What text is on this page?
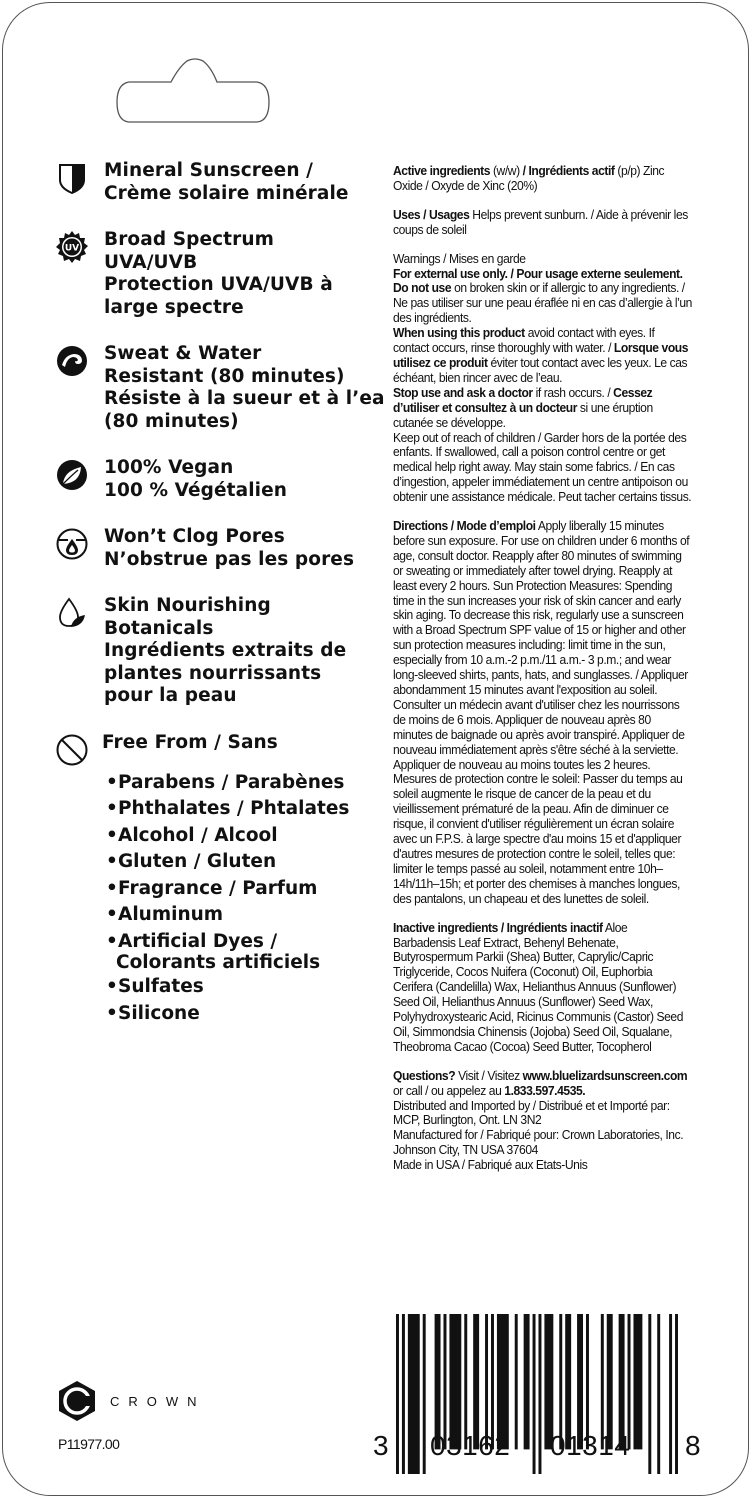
Mineral Sunscreen /
Crème solaire minérale
UV Broad Spectrum
UVA/UVB
Protection UVA/UVB à
large spectre
Sweat & Water
Resistant (80 minutes)
Résiste à la sueur et à l’ea
(80 minutes)
100% Vegan
100 % Végétalien
Won’t Clog Pores
N’obstrue pas les pores
Skin Nourishing
Botanicals
Ingrédients extraits de
plantes nourrissants
pour la peau
Free From / Sans
•Parabens / Parabènes
•Phthalates / Phtalates
•Alcohol / Alcool
•Gluten / Gluten
•Fragrance / Parfum
•Aluminum
•Artificial Dyes /
Colorants artificiels
•Sulfates
•Silicone

Active ingredients (w/w) / Ingrédients actif (p/p) Zinc Oxide / Oxyde de Xinc (20%)

Uses / Usages Helps prevent sunburn. / Aide à prévenir les coups de soleil

Warnings / Mises en garde

For external use only. / Pour usage externe seulement.

Do not use on broken skin or if allergic to any ingredients. / Ne pas utiliser sur une peau éraflée ni en cas d’allergie à l’un des ingrédients.

When using this product avoid contact with eyes. If contact occurs, rinse thoroughly with water. / Lorsque vous utilisez ce produit éviter tout contact avec les yeux. Le cas échéant, bien rincer avec de l’eau.

Stop use and ask a doctor if rash occurs. / Cessez d’utiliser et consultez à un docteur si une éruption cutanée se développe.

Keep out of reach of children / Garder hors de la portée des enfants. If swallowed, call a poison control centre or get medical help right away. May stain some fabrics. / En cas d’ingestion, appeler immédiatement un centre antipoison ou obtenir une assistance médicale. Peut tacher certains tissus.

Directions / Mode d’emploi Apply liberally 15 minutes before sun exposure. For use on children under 6 months of age, consult doctor. Reapply after 80 minutes of swimming or sweating or immediately after towel drying. Reapply at least every 2 hours. Sun Protection Measures: Spending time in the sun increases your risk of skin cancer and early skin aging. To decrease this risk, regularly use a sunscreen with a Broad Spectrum SPF value of 15 or higher and other sun protection measures including: limit time in the sun, especially from 10 a.m.-2 p.m./11 a.m.- 3 p.m.; and wear long-sleeved shirts, pants, hats, and sunglasses. / Appliquer abondamment 15 minutes avant l'exposition au soleil. Consulter un médecin avant d'utiliser chez les nourrissons de moins de 6 mois. Appliquer de nouveau après 80 minutes de baignade ou après avoir transpiré. Appliquer de nouveau immédiatement après s'être séché à la serviette. Appliquer de nouveau au moins toutes les 2 heures. Mesures de protection contre le soleil: Passer du temps au soleil augmente le risque de cancer de la peau et du vieillissement prématuré de la peau. Afin de diminuer ce risque, il convient d'utiliser régulièrement un écran solaire avec un F.P.S. à large spectre d'au moins 15 et d'appliquer d'autres mesures de protection contre le soleil, telles que: limiter le temps passé au soleil, notamment entre 10h–14h/11h–15h; et porter des chemises à manches longues, des pantalons, un chapeau et des lunettes de soleil.

Inactive ingredients / Ingrédients inactif Aloe Barbadensis Leaf Extract, Behenyl Behenate, Butyrospermum Parkii (Shea) Butter, Caprylic/Capric Triglyceride, Cocos Nuifera (Coconut) Oil, Euphorbia Cerifera (Candelilla) Wax, Helianthus Annuus (Sunflower) Seed Oil, Helianthus Annuus (Sunflower) Seed Wax, Polyhydroxystearic Acid, Ricinus Communis (Castor) Seed Oil, Simmondsia Chinensis (Jojoba) Seed Oil, Squalane, Theobroma Cacao (Cocoa) Seed Butter, Tocopherol

Questions? Visit / Visitez www.bluelizardsunscreen.com or call / ou appelez au 1.833.597.4535.

Distributed and Imported by / Distribué et et Importé par: MCP, Burlington, Ont. LN 3N2

Manufactured for / Fabriqué pour: Crown Laboratories, Inc. Johnson City, TN USA 37604

Made in USA / Fabriqué aux Etats-Unis

CROWN
P11977.00	3 03162 01314 8
